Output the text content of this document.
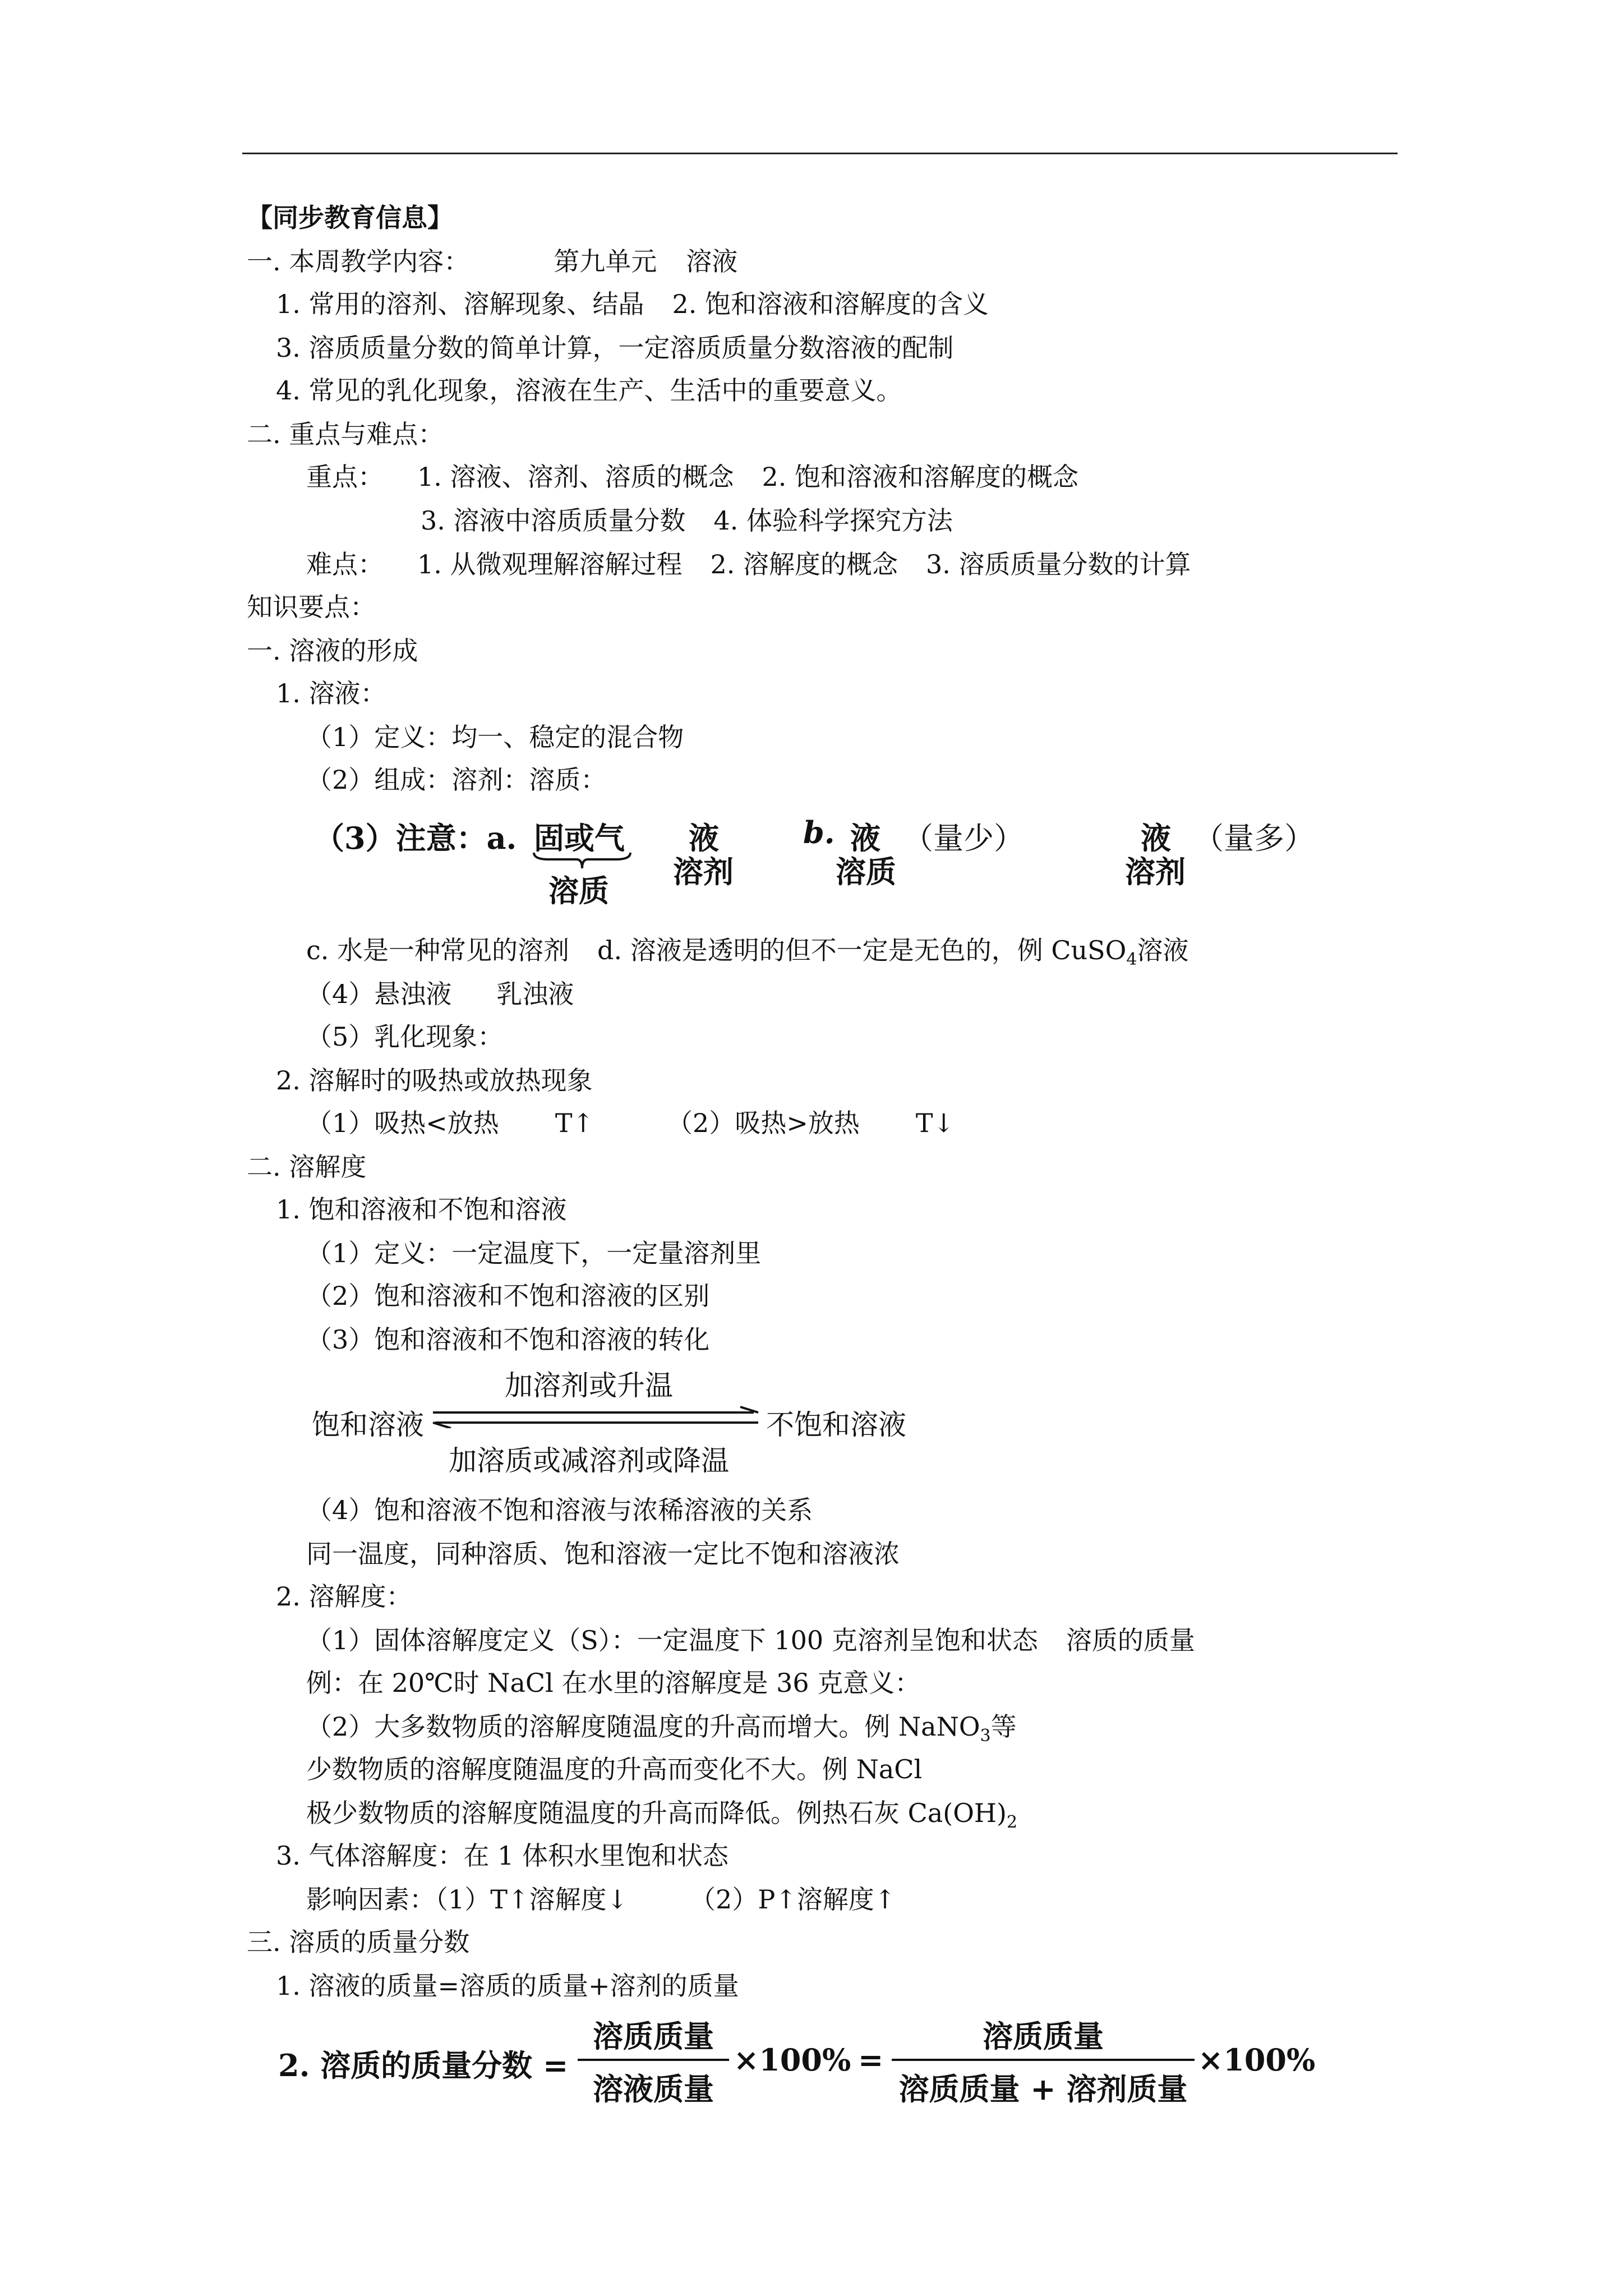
【同步教育信息】
一. 本周教学内容：	第九单元 溶液
1. 常用的溶剂、溶解现象、结晶 2. 饱和溶液和溶解度的含义
3. 溶质质量分数的简单计算，一定溶质质量分数溶液的配制
4. 常见的乳化现象，溶液在生产、生活中的重要意义。
二. 重点与难点：
重点： 1. 溶液、溶剂、溶质的概念 2. 饱和溶液和溶解度的概念
3. 溶液中溶质质量分数 4. 体验科学探究方法
难点： 1. 从微观理解溶解过程 2. 溶解度的概念 3. 溶质质量分数的计算
知识要点：
一. 溶液的形成
1. 溶液：
（1）定义：均一、稳定的混合物
（2）组成：溶剂：溶质：
（3）注意：a. 固或气
溶质
液
溶剂
b. 液 （量少）
溶质
液 （量多）
溶剂
c. 水是一种常见的溶剂 d. 溶液是透明的但不一定是无色的，例 CuSO$_4$溶液
（4）悬浊液 乳浊液
（5）乳化现象：
2. 溶解时的吸热或放热现象
（1）吸热<放热 T↑	（2）吸热>放热 T↓
二. 溶解度
1. 饱和溶液和不饱和溶液
（1）定义：一定温度下，一定量溶剂里
（2）饱和溶液和不饱和溶液的区别
（3）饱和溶液和不饱和溶液的转化
饱和溶液
加溶剂或升温
不饱和溶液
加溶质或减溶剂或降温
（4）饱和溶液不饱和溶液与浓稀溶液的关系
同一温度，同种溶质、饱和溶液一定比不饱和溶液浓
2. 溶解度：
（1）固体溶解度定义（S）：一定温度下 100 克溶剂呈饱和状态 溶质的质量
例：在 20℃时 NaCl 在水里的溶解度是 36 克意义：
（2）大多数物质的溶解度随温度的升高而增大。例 NaNO$_3$等
少数物质的溶解度随温度的升高而变化不大。例 NaCl
极少数物质的溶解度随温度的升高而降低。例热石灰 $Ca(OH)_2$
3. 气体溶解度：在 1 体积水里饱和状态
影响因素：（1）T↑溶解度↓ （2）P↑溶解度↑
三. 溶质的质量分数
1. 溶液的质量=溶质的质量+溶剂的质量
2. 溶质的质量分数 =
溶质质量
溶液质量
×100% =
溶质质量
溶质质量 + 溶剂质量
×100%
